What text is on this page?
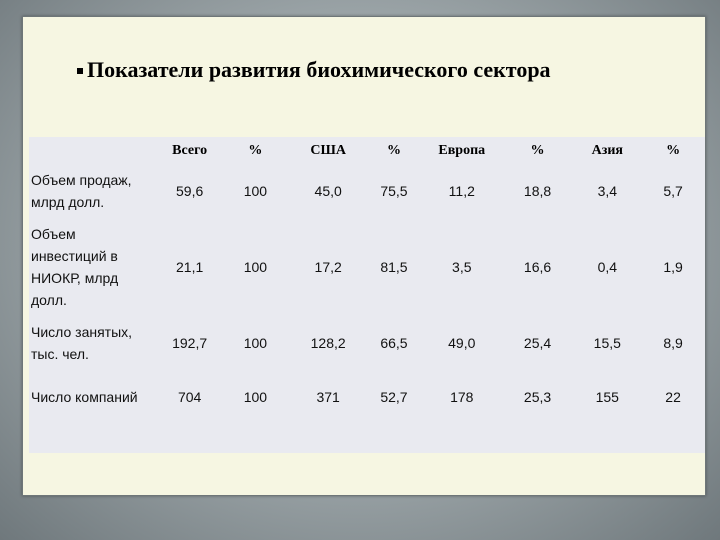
Показатели развития биохимического сектора
	Всего	%	США	%	Европа	%	Азия	%
Объем продаж, млрд долл.	59,6	100	45,0	75,5	11,2	18,8	3,4	5,7
Объем инвестиций в НИОКР, млрд долл.	21,1	100	17,2	81,5	3,5	16,6	0,4	1,9
Число занятых, тыс. чел.	192,7	100	128,2	66,5	49,0	25,4	15,5	8,9
Число компаний	704	100	371	52,7	178	25,3	155	22
